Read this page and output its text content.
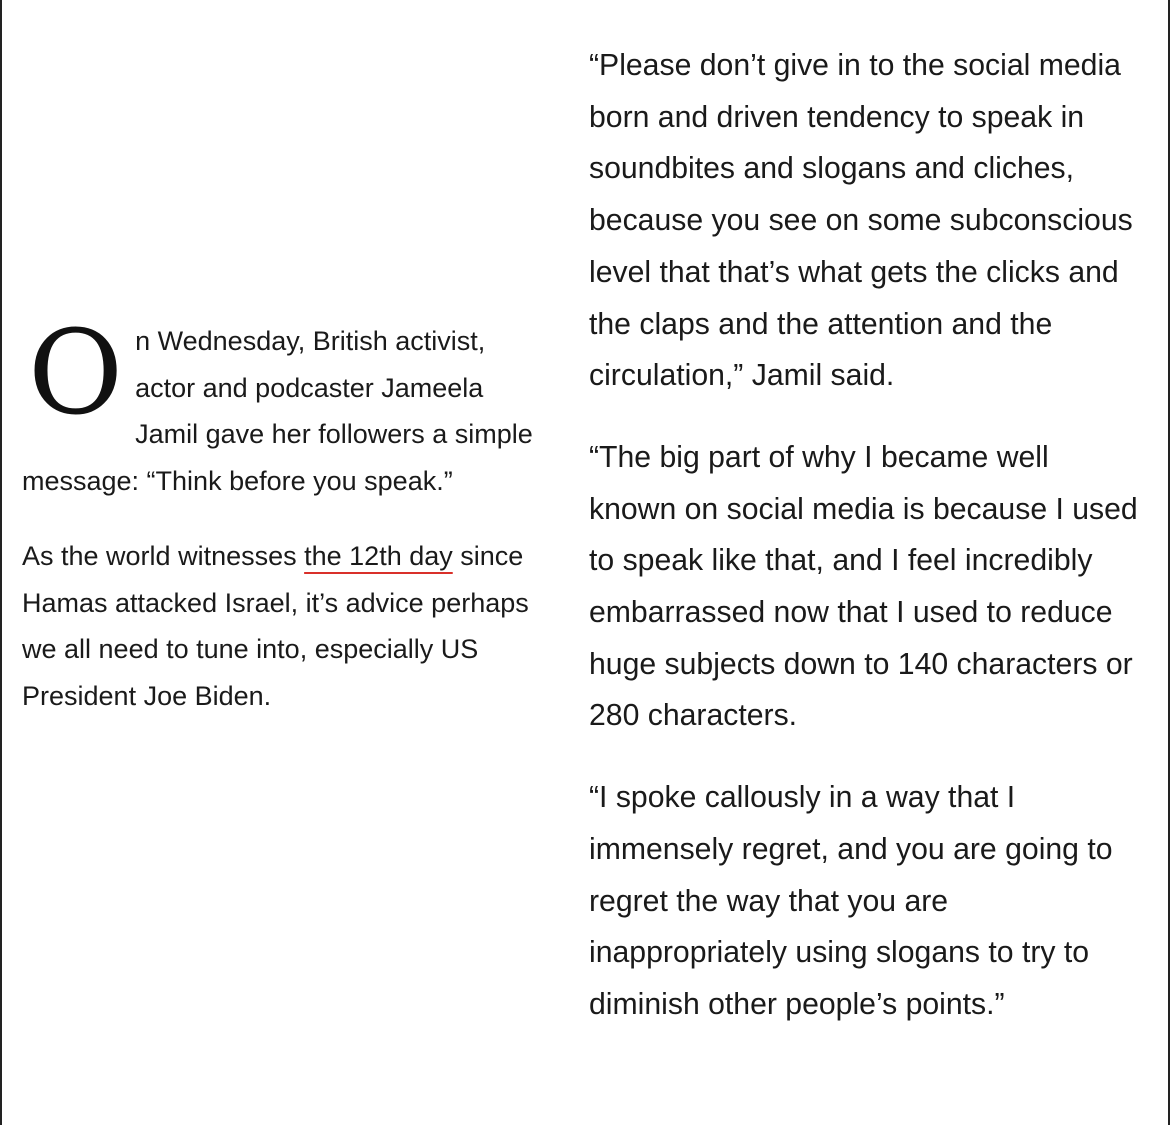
On Wednesday, British activist, actor and podcaster Jameela Jamil gave her followers a simple message: “Think before you speak.”

As the world witnesses the 12th day since Hamas attacked Israel, it’s advice perhaps we all need to tune into, especially US President Joe Biden.

“Please don’t give in to the social media
born and driven tendency to speak in
soundbites and slogans and cliches,
because you see on some subconscious
level that that’s what gets the clicks and
the claps and the attention and the
circulation,” Jamil said.

“The big part of why I became well
known on social media is because I used
to speak like that, and I feel incredibly
embarrassed now that I used to reduce
huge subjects down to 140 characters or
280 characters.

“I spoke callously in a way that I
immensely regret, and you are going to
regret the way that you are
inappropriately using slogans to try to
diminish other people’s points.”
